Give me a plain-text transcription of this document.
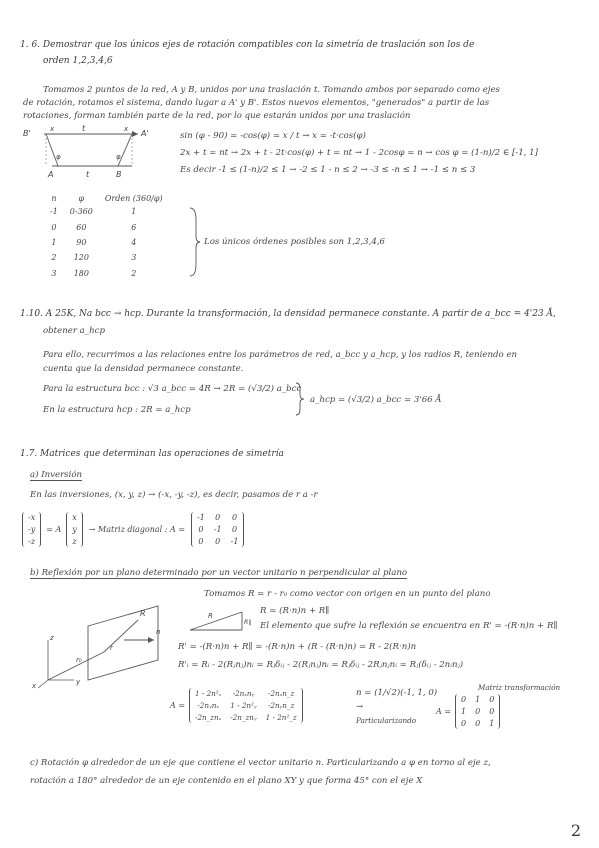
1. 6. Demostrar que los únicos ejes de rotación compatibles con la simetría de traslación son los de
orden 1,2,3,4,6
Tomamos 2 puntos de la red, A y B, unidos por una traslación t. Tomando ambos por separado como ejes
de rotación, rotamos el sistema, dando lugar a A' y B'. Estos nuevos elementos, "generados" a partir de las
rotaciones, forman también parte de la red, por lo que estarán unidos por una traslación
B'
t
x	x A'
φ	φ
A	t	B
sin (φ - 90) = -cos(φ) = x / t → x = -t·cos(φ)
2x + t = nt → 2x + t - 2t·cos(φ) + t = nt → 1 - 2cosφ = n → cos φ = (1-n)/2 ∈ [-1, 1]
Es decir -1 ≤ (1-n)/2 ≤ 1 → -2 ≤ 1 - n ≤ 2 → -3 ≤ -n ≤ 1 → -1 ≤ n ≤ 3
n	φ	Orden (360/φ)
-1	0-360	1
0	60	6
1	90	4
2	120	3
3	180	2
Los únicos órdenes posibles son 1,2,3,4,6
1.10. A 25K, Na bcc → hcp. Durante la transformación, la densidad permanece constante. A partir de a_bcc = 4'23 Å,
obtener a_hcp
Para ello, recurrimos a las relaciones entre los parámetros de red, a_bcc y a_hcp, y los radios R, teniendo en
cuenta que la densidad permanece constante.
Para la estructura bcc : √3 a_bcc = 4R → 2R = (√3/2) a_bcc
En la estructura hcp : 2R = a_hcp
a_hcp = (√3/2) a_bcc = 3'66 Å
1.7. Matrices que determinan las operaciones de simetría
a) Inversión
En las inversiones, (x, y, z) → (-x, -y, -z), es decir, pasamos de r a -r
-x
-y
-z
= A
x
y
z
→ Matriz diagonal : A =
-1 0 0
0 -1 0
0 0 -1
b) Reflexión por un plano determinado por un vector unitario n perpendicular al plano
R
n
r₀
r
y
x
z
R
R∥
Tomamos R = r - r₀ como vector con origen en un punto del plano
R = (R·n)n + R∥
El elemento que sufre la reflexión se encuentra en R' = -(R·n)n + R∥
R' = -(R·n)n + R∥ = -(R·n)n + (R - (R·n)n) = R - 2(R·n)n
R'ᵢ = Rᵢ - 2(Rⱼnⱼ)nᵢ = Rⱼδᵢⱼ - 2(Rⱼnⱼ)nᵢ = Rⱼδᵢⱼ - 2Rⱼnⱼnᵢ = Rⱼ(δᵢⱼ - 2nᵢnⱼ)
A =
1 - 2n²ₓ	-2nₓnᵧ	-2nₓn_z
-2nᵧnₓ	1 - 2n²ᵧ	-2nᵧn_z
-2n_znₓ -2n_znᵧ 1 - 2n²_z
n = (1/√2)(-1, 1, 0)
→
Particularizando
Matriz transformación
A =
0 1 0
1 0 0
0 0 1
c) Rotación φ alrededor de un eje que contiene el vector unitario n. Particularizando a φ en torno al eje z,
rotación a 180° alrededor de un eje contenido en el plano XY y que forma 45° con el eje X
2
